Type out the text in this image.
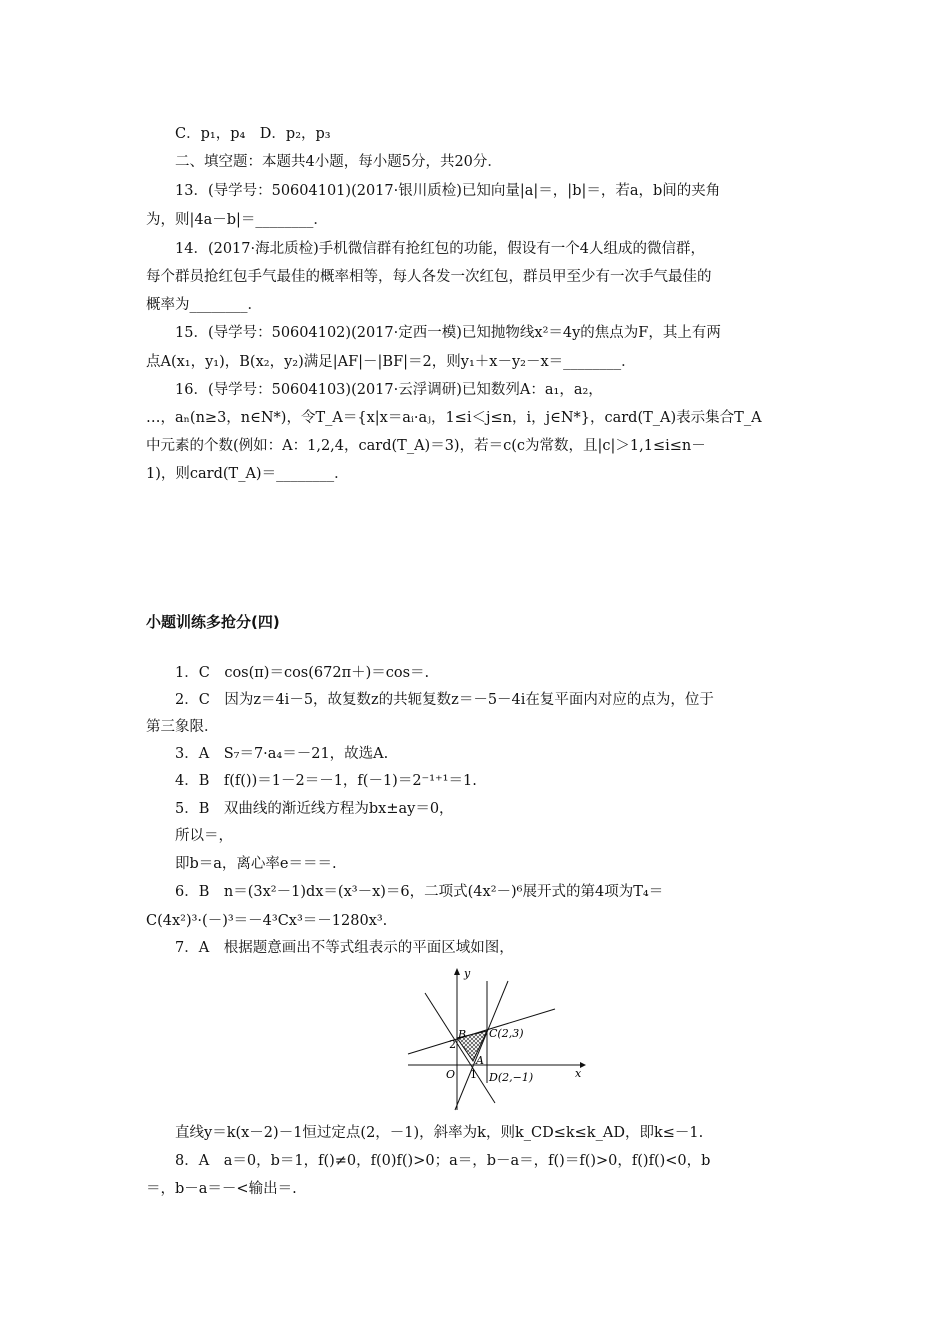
C．p₁，p₄　D．p₂，p₃
二、填空题：本题共4小题，每小题5分，共20分．
13．(导学号：50604101)(2017·银川质检)已知向量|a|＝，|b|＝，若a，b间的夹角
为，则|4a－b|＝________．
14．(2017·海北质检)手机微信群有抢红包的功能，假设有一个4人组成的微信群，
每个群员抢红包手气最佳的概率相等，每人各发一次红包，群员甲至少有一次手气最佳的
概率为________．
15．(导学号：50604102)(2017·定西一模)已知抛物线x²＝4y的焦点为F，其上有两
点A(x₁，y₁)，B(x₂，y₂)满足|AF|－|BF|＝2，则y₁＋x－y₂－x＝________．
16．(导学号：50604103)(2017·云浮调研)已知数列A：a₁，a₂，
…，aₙ(n≥3，n∈N*)，令T_A＝{x|x＝aᵢ·aⱼ，1≤i＜j≤n，i，j∈N*}，card(T_A)表示集合T_A
中元素的个数(例如：A：1,2,4，card(T_A)＝3)，若＝c(c为常数，且|c|＞1,1≤i≤n－
1)，则card(T_A)＝________．
小题训练多抢分(四)
1．C　cos(π)＝cos(672π＋)＝cos＝.
2．C　因为z＝4i－5，故复数z的共轭复数z＝－5－4i在复平面内对应的点为，位于
第三象限．
3．A　S₇＝7·a₄＝－21，故选A.
4．B　f(f())＝1－2＝－1，f(－1)＝2⁻¹⁺¹＝1.
5．B　双曲线的渐近线方程为bx±ay＝0，
所以＝，
即b＝a，离心率e＝＝＝.
6．B　n＝(3x²－1)dx＝(x³－x)＝6，二项式(4x²－)⁶展开式的第4项为T₄＝
C(4x²)³·(－)³＝－4³Cx³＝－1280x³.
7．A　根据题意画出不等式组表示的平面区域如图，
y
x
B C(2,3)
2
A
O 1 D(2,−1)
直线y＝k(x－2)－1恒过定点(2，－1)，斜率为k，则k_CD≤k≤k_AD，即k≤－1.
8．A　a＝0，b＝1，f()≠0，f(0)f()>0；a＝，b－a＝，f()＝f()>0，f()f()<0，b
＝，b－a＝－<输出＝.
